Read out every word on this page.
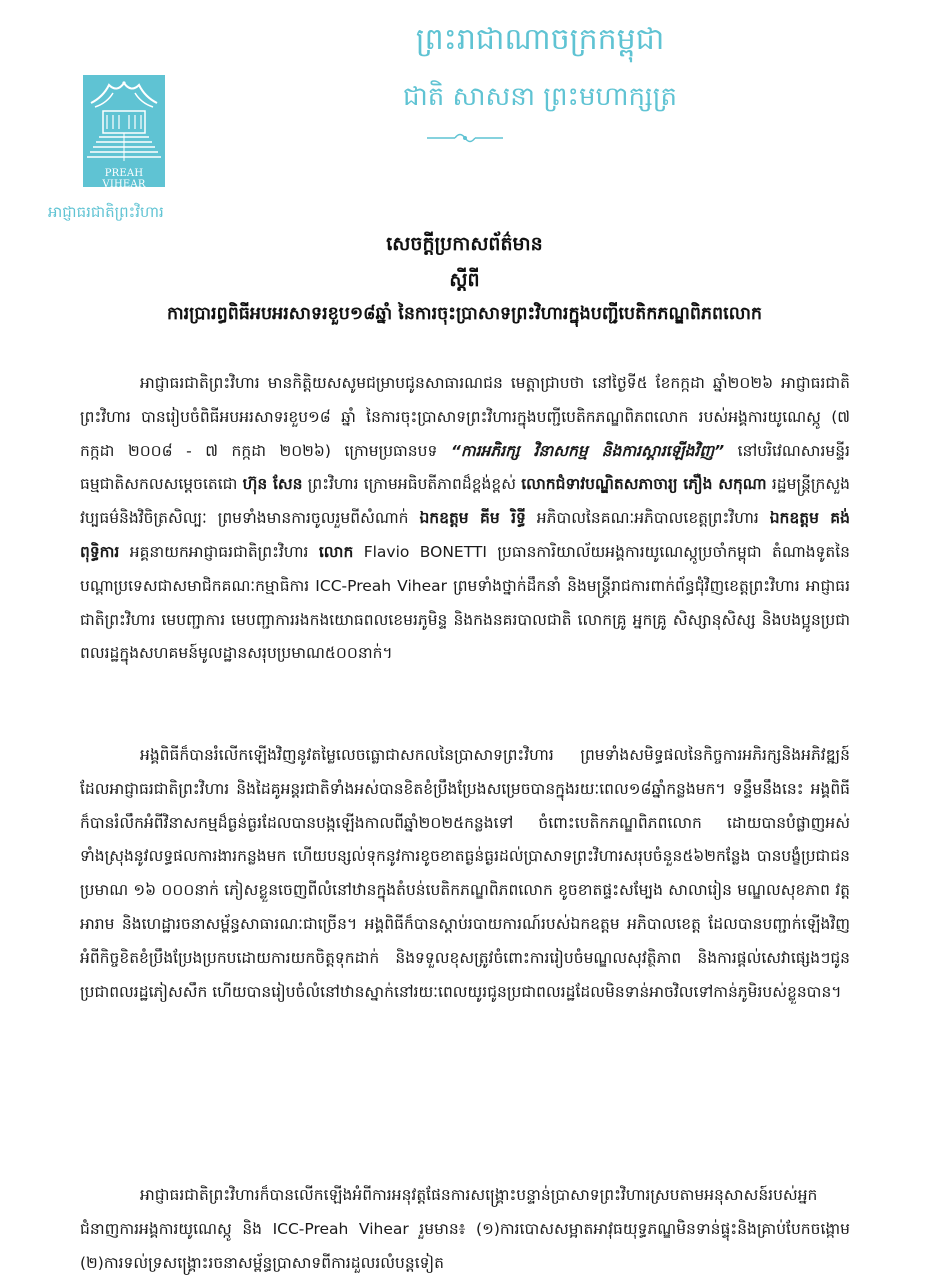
PREAH VIHEAR
អាជ្ញាធរជាតិព្រះវិហារ
ព្រះរាជាណាចក្រកម្ពុជា
ជាតិ សាសនា ព្រះមហាក្សត្រ
សេចក្តីប្រកាសព័ត៌មាន
ស្តីពី
ការប្រារព្ធពិធីអបអរសាទរខួប១៨ឆ្នាំ នៃការចុះប្រាសាទព្រះវិហារក្នុងបញ្ជីបេតិកភណ្ឌពិភពលោក
អាជ្ញាធរជាតិព្រះវិហារ មានកិត្តិយសសូមជម្រាបជូនសាធារណជន មេត្តាជ្រាបថា នៅថ្ងៃទី៥ ខែកក្កដា ឆ្នាំ២០២៦ អាជ្ញាធរជាតិព្រះវិហារ បានរៀបចំពិធីអបអរសាទរខួប១៨ ឆ្នាំ នៃការចុះប្រាសាទព្រះវិហារក្នុងបញ្ជីបេតិកភណ្ឌពិភពលោក របស់អង្គការយូណេស្កូ (៧ កក្កដា ២០០៨ - ៧ កក្កដា ២០២៦) ក្រោមប្រធានបទ “ការអភិរក្ស វិនាសកម្ម និងការស្តារឡើងវិញ” នៅបរិវេណសារមន្ទីរធម្មជាតិសកលសម្តេចតេជោ ហ៊ុន សែន ព្រះវិហារ ក្រោមអធិបតីភាពដ៏ខ្ពង់ខ្ពស់ លោកជំទាវបណ្ឌិតសភាចារ្យ ភឿង សកុណា រដ្ឋមន្ត្រីក្រសួងវប្បធម៌និងវិចិត្រសិល្បៈ ព្រមទាំងមានការចូលរួមពីសំណាក់ ឯកឧត្តម គីម រិទ្ធី អភិបាលនៃគណៈអភិបាលខេត្តព្រះវិហារ ឯកឧត្តម គង់ ពុទ្ធិការ អគ្គនាយកអាជ្ញាធរជាតិព្រះវិហារ លោក Flavio BONETTI ប្រធានការិយាល័យអង្គការយូណេស្កូប្រចាំកម្ពុជា តំណាងទូតនៃបណ្តាប្រទេសជាសមាជិកគណៈកម្មាធិការ ICC-Preah Vihear ព្រមទាំងថ្នាក់ដឹកនាំ និងមន្ត្រីរាជការពាក់ព័ន្ធជុំវិញខេត្តព្រះវិហារ អាជ្ញាធរជាតិព្រះវិហារ មេបញ្ជាការ មេបញ្ជាការរងកងយោធពលខេមរភូមិន្ទ និងកងនគរបាលជាតិ លោកគ្រូ អ្នកគ្រូ សិស្សានុសិស្ស និងបងប្អូនប្រជាពលរដ្ឋក្នុងសហគមន៍មូលដ្ឋានសរុបប្រមាណ៥០០នាក់។
អង្គពិធីក៏បានរំលើកឡើងវិញនូវតម្លៃលេចធ្លោជាសកលនៃប្រាសាទព្រះវិហារ ព្រមទាំងសមិទ្ធផលនៃកិច្ចការអភិរក្សនិងអភិវឌ្ឍន៍ ដែលអាជ្ញាធរជាតិព្រះវិហារ និងដៃគូអន្តរជាតិទាំងអស់បានខិតខំប្រឹងប្រែងសម្រេចបានក្នុងរយៈពេល១៨ឆ្នាំកន្លងមក។ ទន្ទឹមនឹងនេះ អង្គពិធីក៏បានរំលឹកអំពីវិនាសកម្មដ៏ធ្ងន់ធ្ងរដែលបានបង្កឡើងកាលពីឆ្នាំ២០២៥កន្លងទៅ ចំពោះបេតិកភណ្ឌពិភពលោក ដោយបានបំផ្លាញអស់ទាំងស្រុងនូវលទ្ធផលការងារកន្លងមក ហើយបន្សល់ទុកនូវការខូចខាតធ្ងន់ធ្ងរដល់ប្រាសាទព្រះវិហារសរុបចំនួន៥៦២កន្លែង បានបង្ខំប្រជាជនប្រមាណ ១៦ ០០០នាក់ ភៀសខ្លួនចេញពីលំនៅឋានក្នុងតំបន់បេតិកភណ្ឌពិភពលោក ខូចខាតផ្ទះសម្បែង សាលារៀន មណ្ឌលសុខភាព វត្តអារាម និងហេដ្ឋារចនាសម្ព័ន្ធសាធារណៈជាច្រើន។ អង្គពិធីក៏បានស្តាប់របាយការណ៍របស់ឯកឧត្តម អភិបាលខេត្ត ដែលបានបញ្ជាក់ឡើងវិញអំពីកិច្ចខិតខំប្រឹងប្រែងប្រកបដោយការយកចិត្តទុកដាក់ និងទទួលខុសត្រូវចំពោះការរៀបចំមណ្ឌលសុវត្ថិភាព និងការផ្តល់សេវាផ្សេងៗជូនប្រជាពលរដ្ឋភៀសសឹក ហើយបានរៀបចំលំនៅឋានស្នាក់នៅរយៈពេលយូរជូនប្រជាពលរដ្ឋដែលមិនទាន់អាចវិលទៅកាន់ភូមិរបស់ខ្លួនបាន។
អាជ្ញាធរជាតិព្រះវិហារក៏បានលើកឡើងអំពីការអនុវត្តផែនការសង្គ្រោះបន្ទាន់ប្រាសាទព្រះវិហារស្របតាមអនុសាសន៍របស់អ្នកជំនាញការអង្គការយូណេស្កូ និង ICC-Preah Vihear រួមមាន៖ (១)ការបោសសម្អាតអាវុធយុទ្ធភណ្ឌមិនទាន់ផ្ទុះនិងគ្រាប់បែកចង្កោម (២)ការទល់ទ្រសង្គ្រោះរចនាសម្ព័ន្ធប្រាសាទពីការដួលរលំបន្តទៀត
